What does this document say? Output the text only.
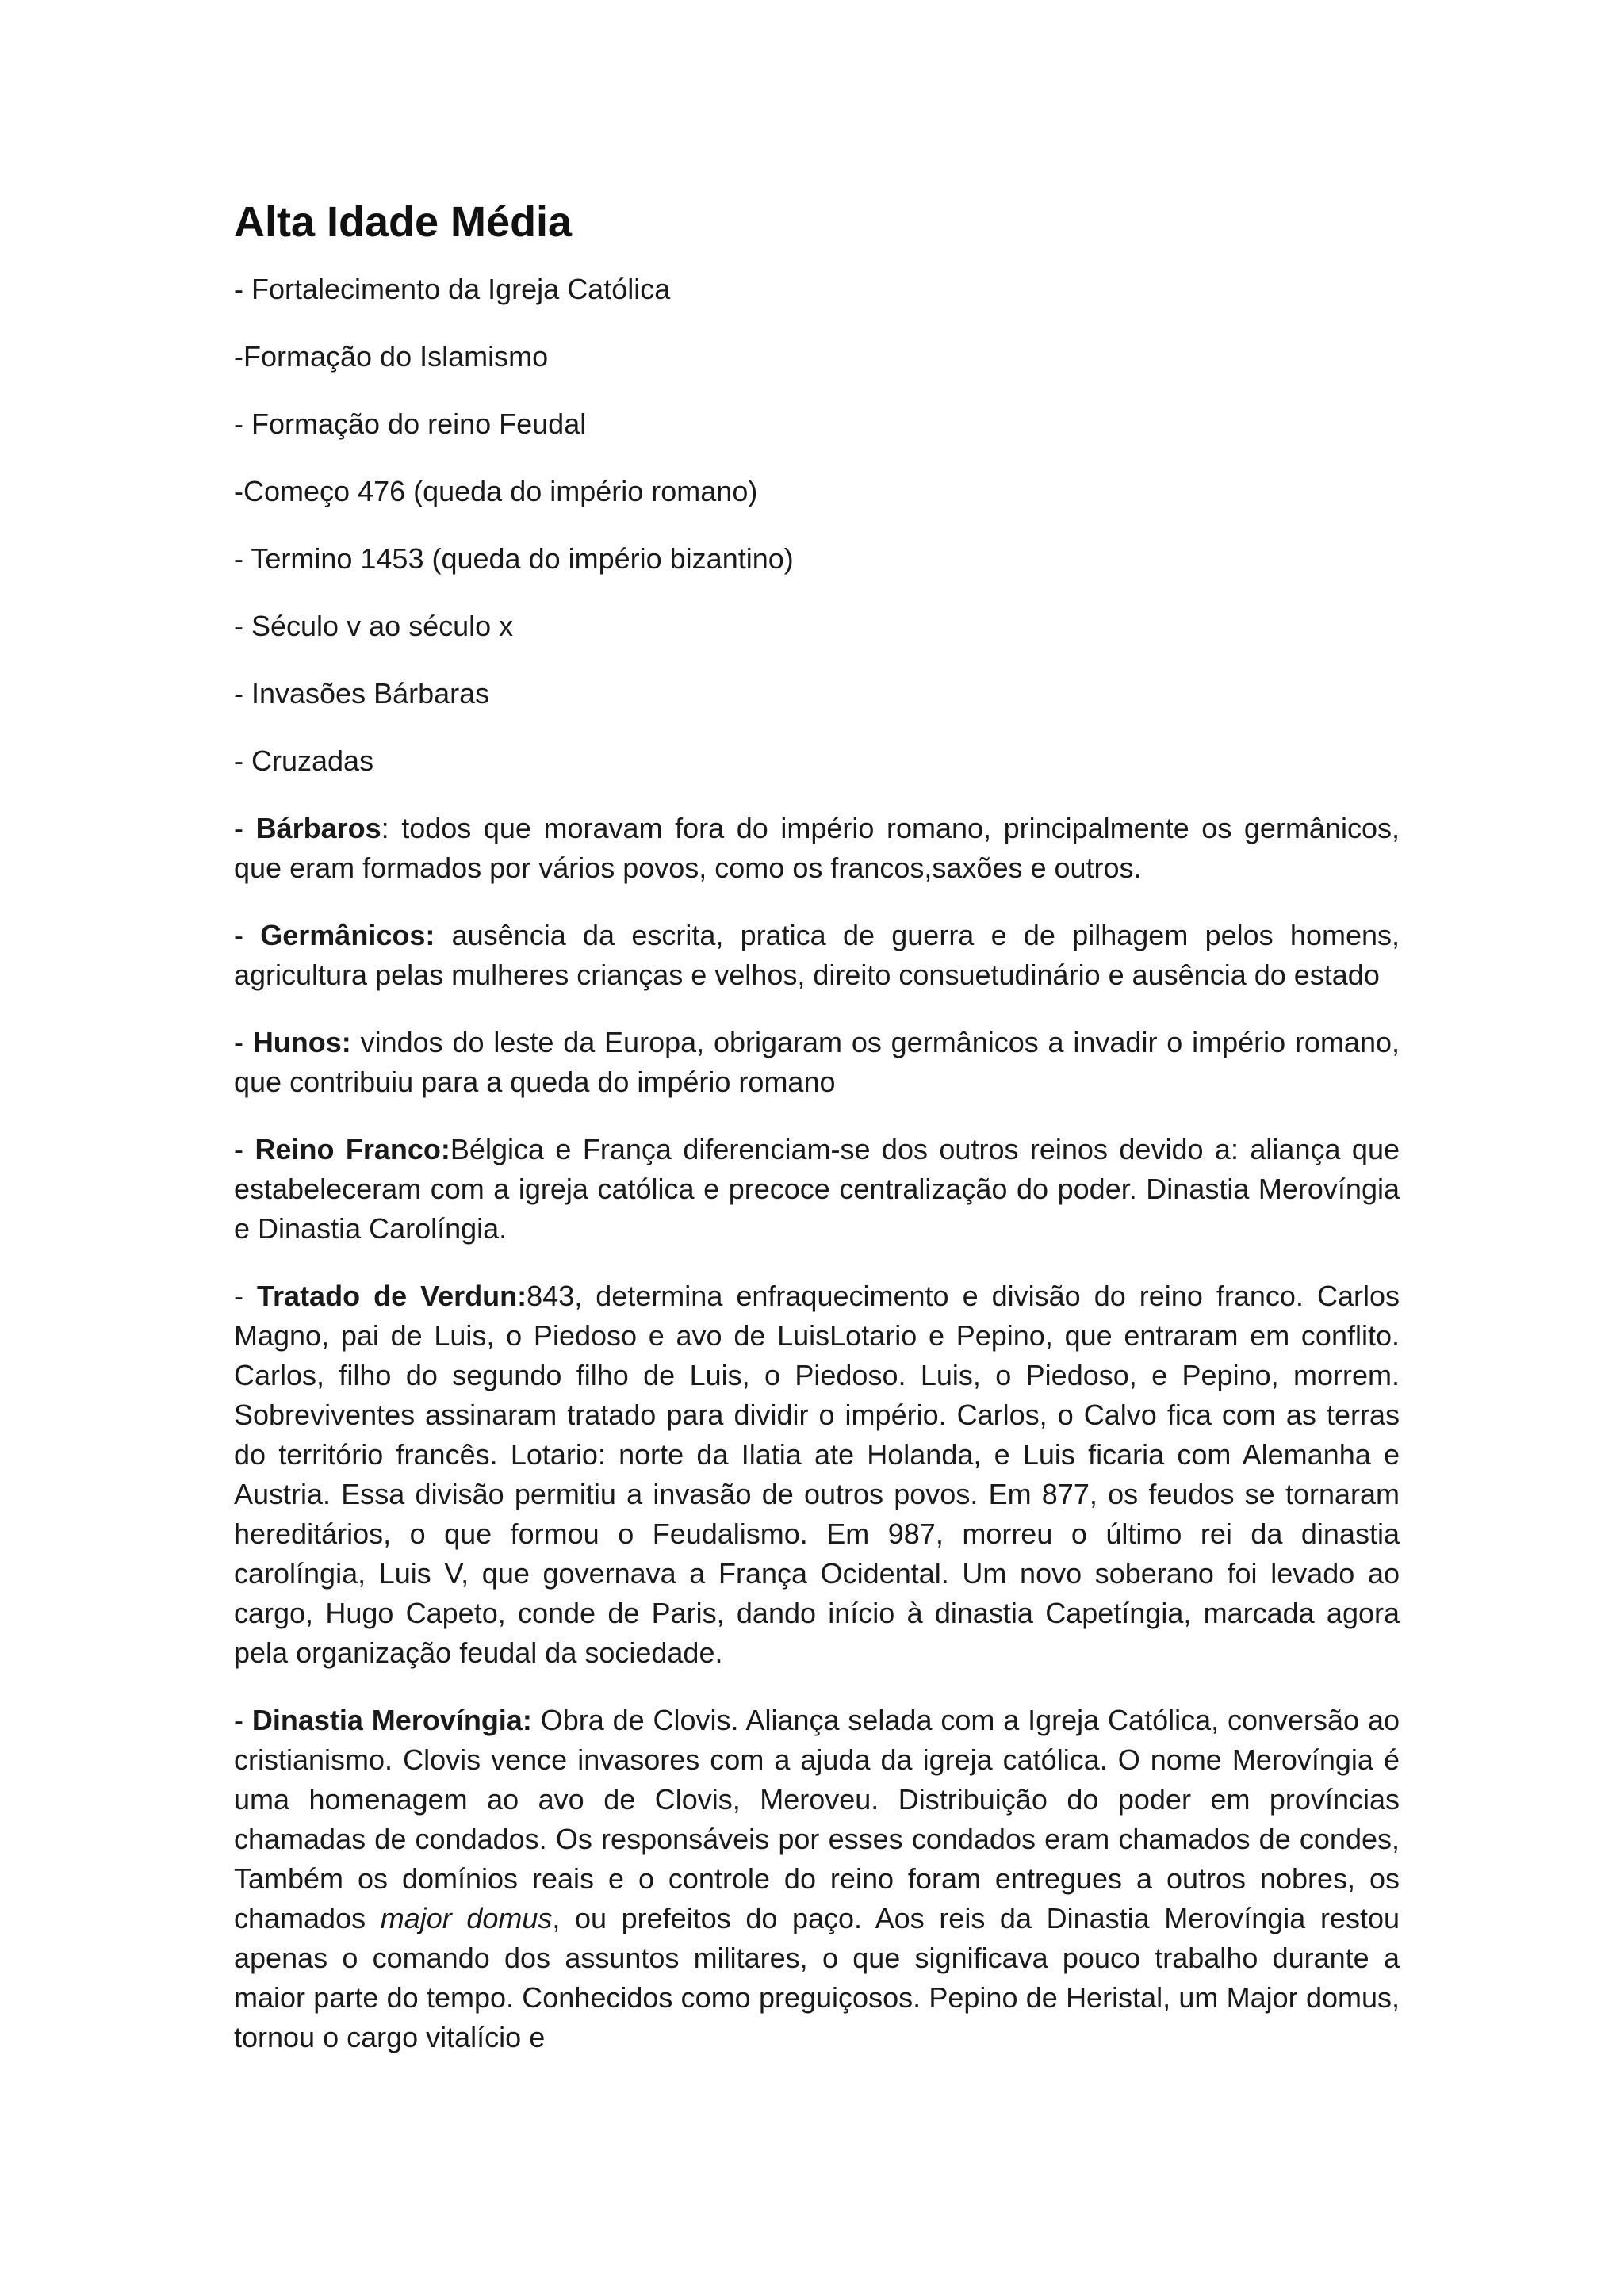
Alta Idade Média
- Fortalecimento da Igreja Católica
-Formação do Islamismo
- Formação do reino Feudal
-Começo 476 (queda do império romano)
- Termino 1453 (queda do império bizantino)
- Século v ao século x
- Invasões Bárbaras
- Cruzadas

- Bárbaros: todos que moravam fora do império romano, principalmente os germânicos, que eram formados por vários povos, como os francos,saxões e outros.

- Germânicos: ausência da escrita, pratica de guerra e de pilhagem pelos homens, agricultura pelas mulheres crianças e velhos, direito consuetudinário e ausência do estado

- Hunos: vindos do leste da Europa, obrigaram os germânicos a invadir o império romano, que contribuiu para a queda do império romano

- Reino Franco:Bélgica e França diferenciam-se dos outros reinos devido a: aliança que estabeleceram com a igreja católica e precoce centralização do poder. Dinastia Merovíngia e Dinastia Carolíngia.

- Tratado de Verdun:843, determina enfraquecimento e divisão do reino franco. Carlos Magno, pai de Luis, o Piedoso e avo de LuisLotario e Pepino, que entraram em conflito. Carlos, filho do segundo filho de Luis, o Piedoso. Luis, o Piedoso, e Pepino, morrem. Sobreviventes assinaram tratado para dividir o império. Carlos, o Calvo fica com as terras do território francês. Lotario: norte da Ilatia ate Holanda, e Luis ficaria com Alemanha e Austria. Essa divisão permitiu a invasão de outros povos. Em 877, os feudos se tornaram hereditários, o que formou o Feudalismo. Em 987, morreu o último rei da dinastia carolíngia, Luis V, que governava a França Ocidental. Um novo soberano foi levado ao cargo, Hugo Capeto, conde de Paris, dando início à dinastia Capetíngia, marcada agora pela organização feudal da sociedade.

- Dinastia Merovíngia: Obra de Clovis. Aliança selada com a Igreja Católica, conversão ao cristianismo. Clovis vence invasores com a ajuda da igreja católica. O nome Merovíngia é uma homenagem ao avo de Clovis, Meroveu. Distribuição do poder em províncias chamadas de condados. Os responsáveis por esses condados eram chamados de condes, Também os domínios reais e o controle do reino foram entregues a outros nobres, os chamados major domus, ou prefeitos do paço. Aos reis da Dinastia Merovíngia restou apenas o comando dos assuntos militares, o que significava pouco trabalho durante a maior parte do tempo. Conhecidos como preguiçosos. Pepino de Heristal, um Major domus, tornou o cargo vitalício e
